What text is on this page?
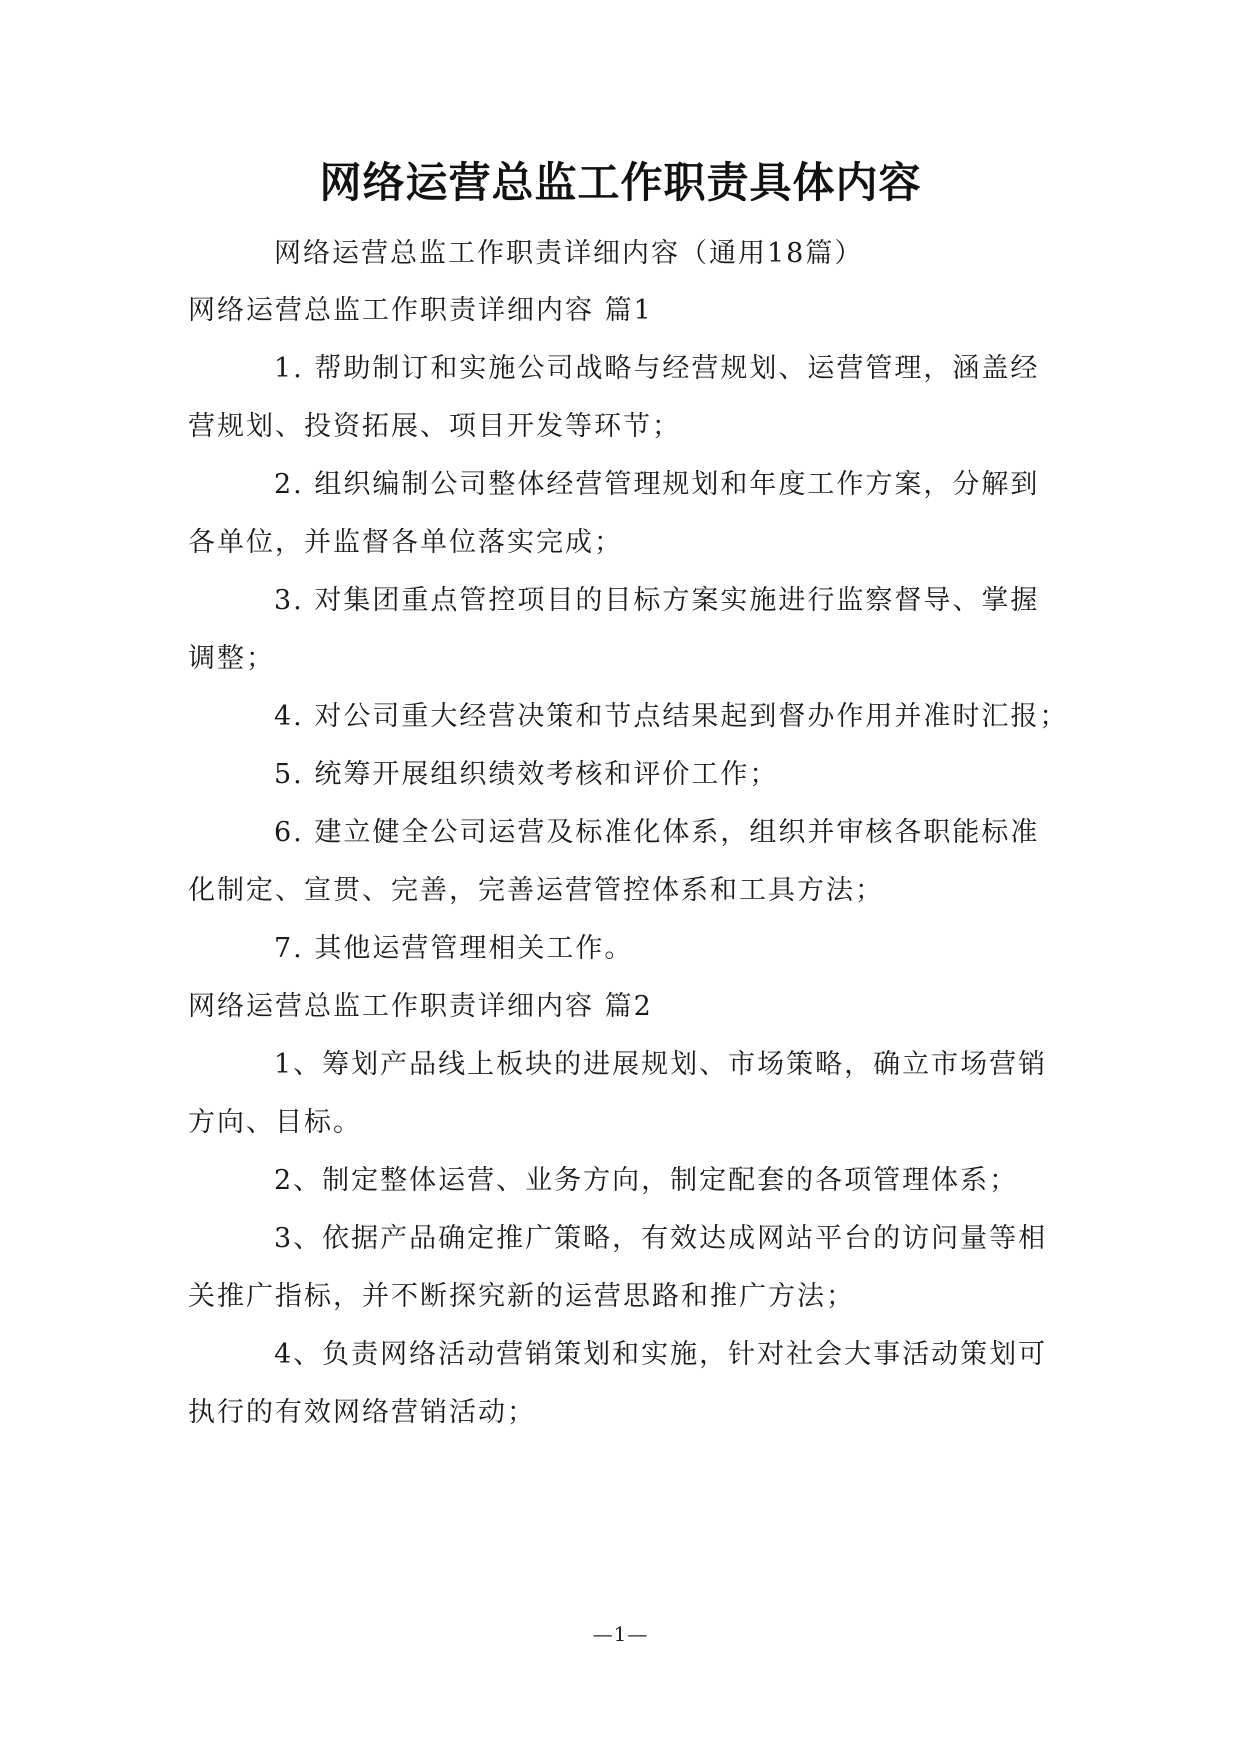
网络运营总监工作职责具体内容
网络运营总监工作职责详细内容（通用18篇）
网络运营总监工作职责详细内容 篇1
1. 帮助制订和实施公司战略与经营规划、运营管理，涵盖经
营规划、投资拓展、项目开发等环节；
2. 组织编制公司整体经营管理规划和年度工作方案，分解到
各单位，并监督各单位落实完成；
3. 对集团重点管控项目的目标方案实施进行监察督导、掌握
调整；
4. 对公司重大经营决策和节点结果起到督办作用并准时汇报；
5. 统筹开展组织绩效考核和评价工作；
6. 建立健全公司运营及标准化体系，组织并审核各职能标准
化制定、宣贯、完善，完善运营管控体系和工具方法；
7. 其他运营管理相关工作。
网络运营总监工作职责详细内容 篇2
1、筹划产品线上板块的进展规划、市场策略，确立市场营销
方向、目标。
2、制定整体运营、业务方向，制定配套的各项管理体系；
3、依据产品确定推广策略，有效达成网站平台的访问量等相
关推广指标，并不断探究新的运营思路和推广方法；
4、负责网络活动营销策划和实施，针对社会大事活动策划可
执行的有效网络营销活动；
—1—
